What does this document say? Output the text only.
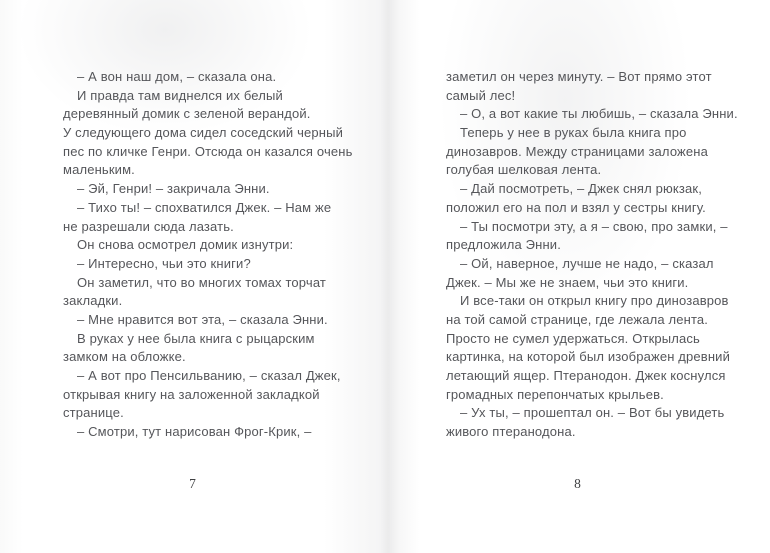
– А вон наш дом, – сказала она.
И правда там виднелся их белый
деревянный домик с зеленой верандой.
У следующего дома сидел соседский черный
пес по кличке Генри. Отсюда он казался очень
маленьким.
– Эй, Генри! – закричала Энни.
– Тихо ты! – спохватился Джек. – Нам же
не разрешали сюда лазать.
Он снова осмотрел домик изнутри:
– Интересно, чьи это книги?
Он заметил, что во многих томах торчат
закладки.
– Мне нравится вот эта, – сказала Энни.
В руках у нее была книга с рыцарским
замком на обложке.
– А вот про Пенсильванию, – сказал Джек,
открывая книгу на заложенной закладкой
странице.
– Смотри, тут нарисован Фрог-Крик, –
7
заметил он через минуту. – Вот прямо этот
самый лес!
– О, а вот какие ты любишь, – сказала Энни.
Теперь у нее в руках была книга про
динозавров. Между страницами заложена
голубая шелковая лента.
– Дай посмотреть, – Джек снял рюкзак,
положил его на пол и взял у сестры книгу.
– Ты посмотри эту, а я – свою, про замки, –
предложила Энни.
– Ой, наверное, лучше не надо, – сказал
Джек. – Мы же не знаем, чьи это книги.
И все-таки он открыл книгу про динозавров
на той самой странице, где лежала лента.
Просто не сумел удержаться. Открылась
картинка, на которой был изображен древний
летающий ящер. Птеранодон. Джек коснулся
громадных перепончатых крыльев.
– Ух ты, – прошептал он. – Вот бы увидеть
живого птеранодона.
8
